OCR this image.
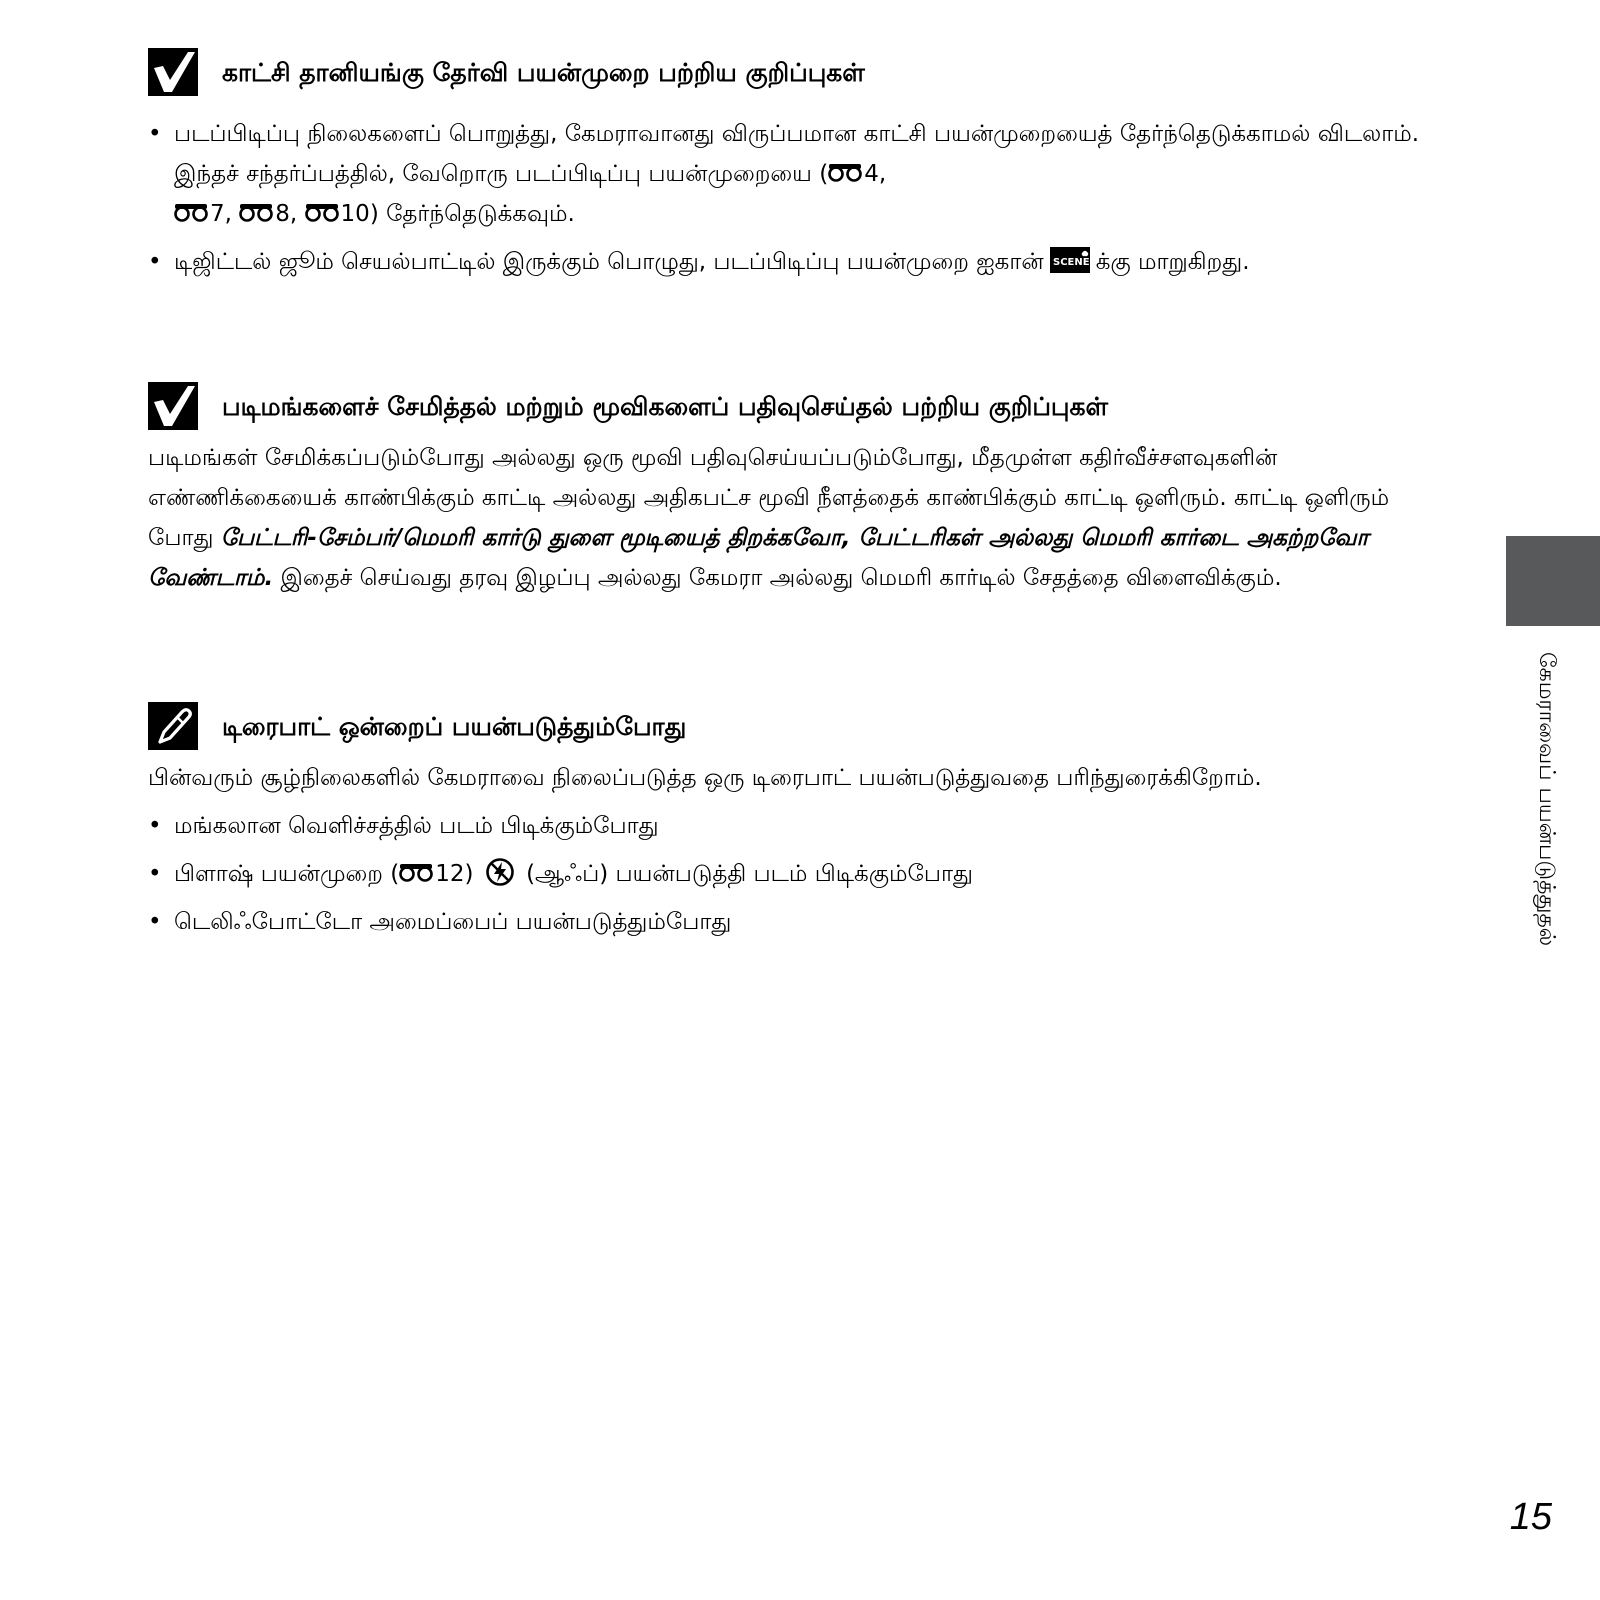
காட்சி தானியங்கு தேர்வி பயன்முறை பற்றிய குறிப்புகள்
• படப்பிடிப்பு நிலைகளைப் பொறுத்து, கேமராவானது விருப்பமான காட்சி பயன்முறையைத் தேர்ந்தெடுக்காமல் விடலாம். இந்தச் சந்தர்ப்பத்தில், வேறொரு படப்பிடிப்பு பயன்முறையை ( 4,
7, 8, 10) தேர்ந்தெடுக்கவும்.
• டிஜிட்டல் ஜூம் செயல்பாட்டில் இருக்கும் பொழுது, படப்பிடிப்பு பயன்முறை ஐகான் SCENE க்கு மாறுகிறது.
படிமங்களைச் சேமித்தல் மற்றும் மூவிகளைப் பதிவுசெய்தல் பற்றிய குறிப்புகள்

படிமங்கள் சேமிக்கப்படும்போது அல்லது ஒரு மூவி பதிவுசெய்யப்படும்போது, மீதமுள்ள கதிர்வீச்சளவுகளின் எண்ணிக்கையைக் காண்பிக்கும் காட்டி அல்லது அதிகபட்ச மூவி நீளத்தைக் காண்பிக்கும் காட்டி ஒளிரும். காட்டி ஒளிரும் போது பேட்டரி-சேம்பர்/மெமரி கார்டு துளை மூடியைத் திறக்கவோ, பேட்டரிகள் அல்லது மெமரி கார்டை அகற்றவோ வேண்டாம். இதைச் செய்வது தரவு இழப்பு அல்லது கேமரா அல்லது மெமரி கார்டில் சேதத்தை விளைவிக்கும்.

டிரைபாட் ஒன்றைப் பயன்படுத்தும்போது

பின்வரும் சூழ்நிலைகளில் கேமராவை நிலைப்படுத்த ஒரு டிரைபாட் பயன்படுத்துவதை பரிந்துரைக்கிறோம்.

• மங்கலான வெளிச்சத்தில் படம் பிடிக்கும்போது
• பிளாஷ் பயன்முறை ( 12) (ஆஃப்) பயன்படுத்தி படம் பிடிக்கும்போது
• டெலிஃபோட்டோ அமைப்பைப் பயன்படுத்தும்போது	கேமராவைப் பயன்படுத்துதல்
15
